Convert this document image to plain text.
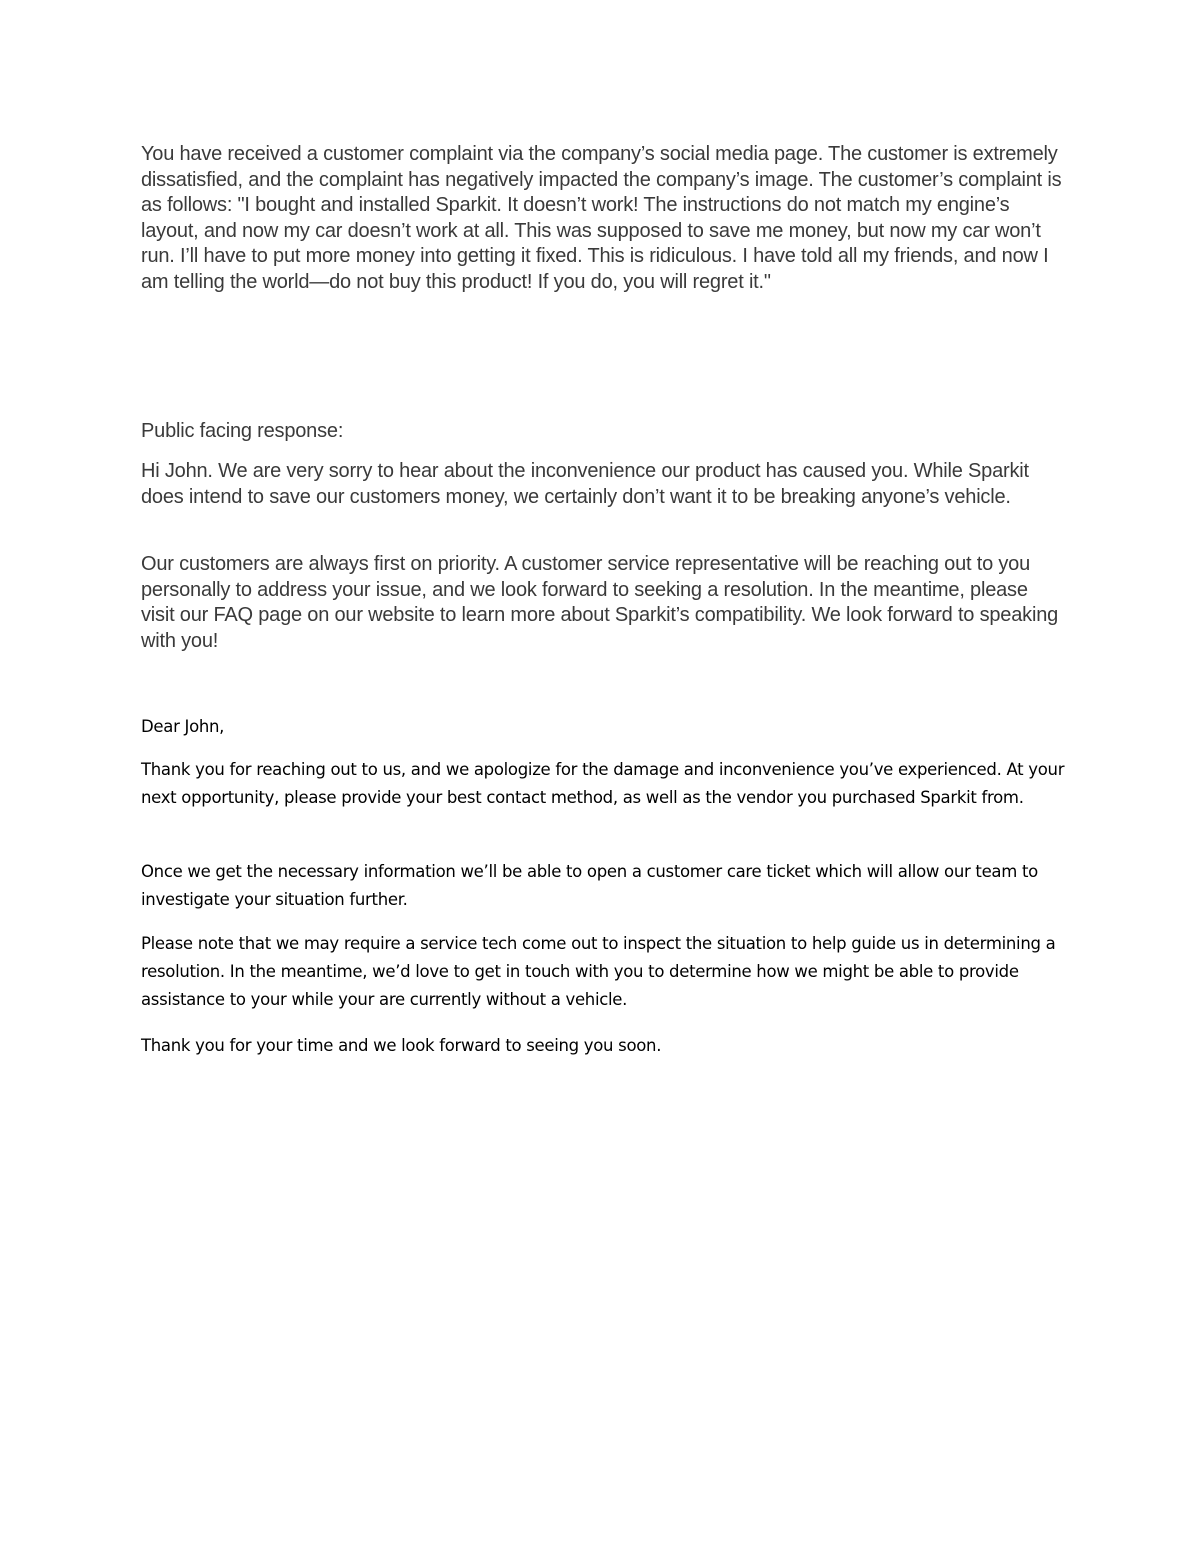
You have received a customer complaint via the company’s social media page. The customer is extremely dissatisfied, and the complaint has negatively impacted the company’s image. The customer’s complaint is as follows: "I bought and installed Sparkit. It doesn’t work! The instructions do not match my engine’s layout, and now my car doesn’t work at all. This was supposed to save me money, but now my car won’t run. I’ll have to put more money into getting it fixed. This is ridiculous. I have told all my friends, and now I am telling the world—do not buy this product! If you do, you will regret it."

Public facing response:

Hi John. We are very sorry to hear about the inconvenience our product has caused you. While Sparkit does intend to save our customers money, we certainly don’t want it to be breaking anyone’s vehicle.

Our customers are always first on priority. A customer service representative will be reaching out to you personally to address your issue, and we look forward to seeking a resolution. In the meantime, please visit our FAQ page on our website to learn more about Sparkit’s compatibility. We look forward to speaking with you!

Dear John,

Thank you for reaching out to us, and we apologize for the damage and inconvenience you’ve experienced. At your next opportunity, please provide your best contact method, as well as the vendor you purchased Sparkit from.

Once we get the necessary information we’ll be able to open a customer care ticket which will allow our team to investigate your situation further.

Please note that we may require a service tech come out to inspect the situation to help guide us in determining a resolution. In the meantime, we’d love to get in touch with you to determine how we might be able to provide assistance to your while your are currently without a vehicle.

Thank you for your time and we look forward to seeing you soon.
